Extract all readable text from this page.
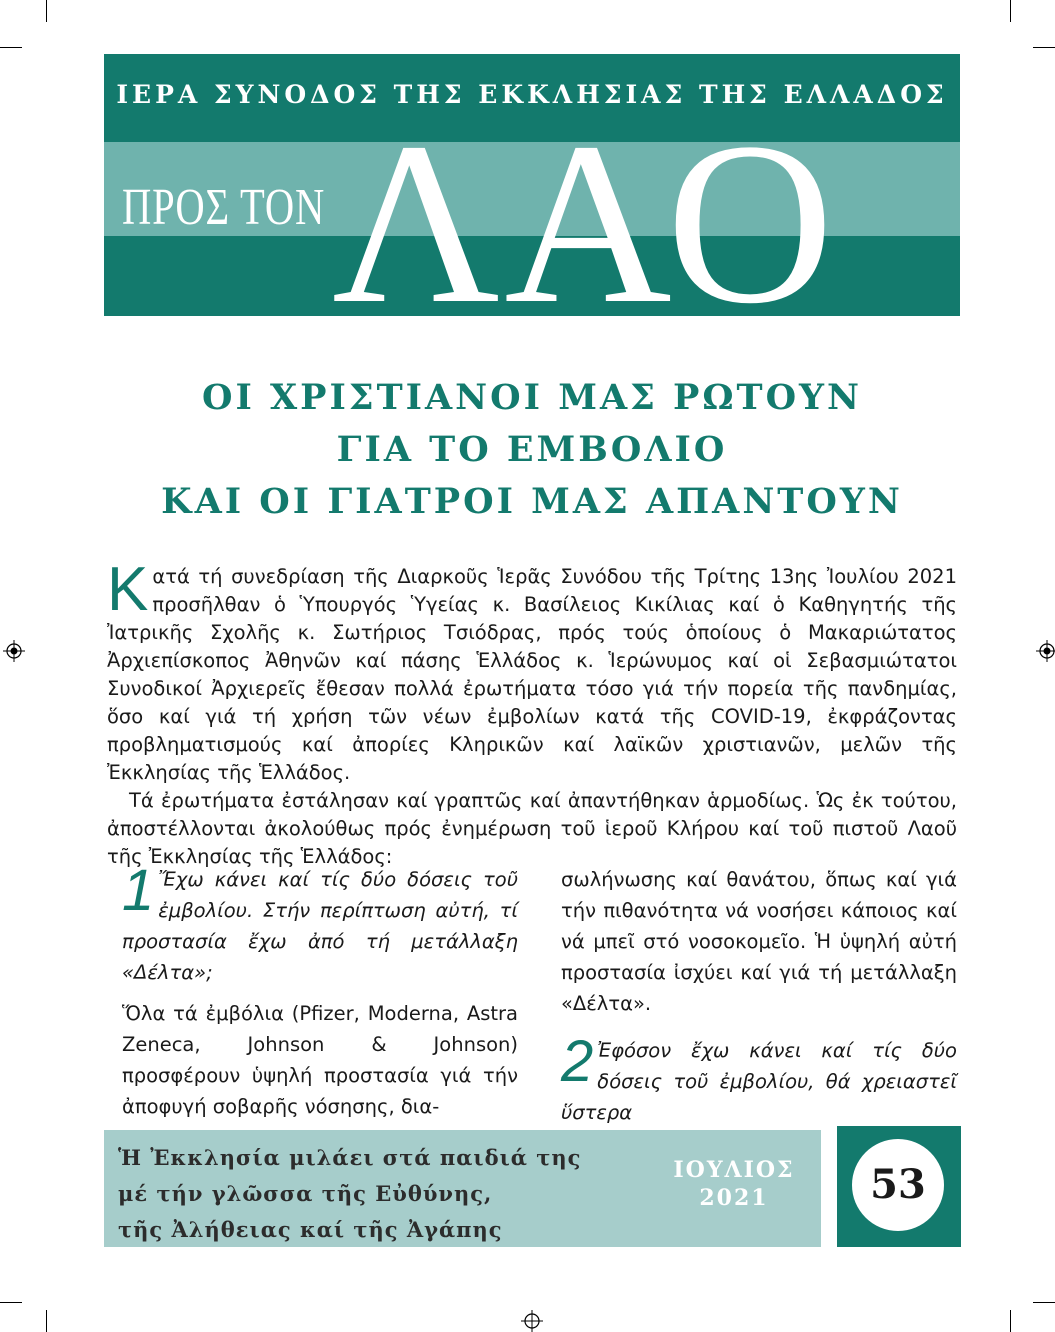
ΙΕΡΑ ΣΥΝΟΔΟΣ ΤΗΣ ΕΚΚΛΗΣΙΑΣ ΤΗΣ ΕΛΛΑΔΟΣ
ΠΡΟΣ ΤΟΝ ΛΑΟ
ΟΙ ΧΡΙΣΤΙΑΝΟΙ ΜΑΣ ΡΩΤΟΥΝ
ΓΙΑ ΤΟ ΕΜΒΟΛΙΟ
ΚΑΙ ΟΙ ΓΙΑΤΡΟΙ ΜΑΣ ΑΠΑΝΤΟΥΝ

Κατά τή συνεδρίαση τῆς Διαρκοῦς Ἱερᾶς Συνόδου τῆς Τρίτης 13ης Ἰουλίου 2021 προσῆλθαν ὁ Ὑπουργός Ὑγείας κ. Βασίλειος Κικίλιας καί ὁ Καθηγητής τῆς Ἰατρικῆς Σχολῆς κ. Σωτήριος Τσιόδρας, πρός τούς ὁποίους ὁ Μακαριώτατος Ἀρχιεπίσκοπος Ἀθηνῶν καί πάσης Ἑλλάδος κ. Ἱερώνυμος καί οἱ Σεβασμιώτατοι Συνοδικοί Ἀρχιερεῖς ἔθεσαν πολλά ἐρωτήματα τόσο γιά τήν πορεία τῆς πανδημίας, ὅσο καί γιά τή χρήση τῶν νέων ἐμβολίων κατά τῆς COVID-19, ἐκφράζοντας προβληματισμούς καί ἀπορίες Κληρικῶν καί λαϊκῶν χριστιανῶν, μελῶν τῆς Ἐκκλησίας τῆς Ἑλλάδος.

Τά ἐρωτήματα ἐστάλησαν καί γραπτῶς καί ἀπαντήθηκαν ἁρμοδίως. Ὡς ἐκ τούτου, ἀποστέλλονται ἀκολούθως πρός ἐνημέρωση τοῦ ἱεροῦ Κλήρου καί τοῦ πιστοῦ Λαοῦ τῆς Ἐκκλησίας τῆς Ἑλλάδος:

1 Ἔχω κάνει καί τίς δύο δόσεις τοῦ ἐμβολίου. Στήν περίπτωση αὐτή, τί προστασία ἔχω ἀπό τή μετάλλαξη «Δέλτα»;

Ὅλα τά ἐμβόλια (Pfizer, Moderna, Astra Zeneca, Johnson & Johnson) προσφέρουν ὑψηλή προστασία γιά τήν ἀποφυγή σοβαρῆς νόσησης, δια-

σωλήνωσης καί θανάτου, ὅπως καί γιά τήν πιθανότητα νά νοσήσει κάποιος καί νά μπεῖ στό νοσοκομεῖο. Ἡ ὑψηλή αὐτή προστασία ἰσχύει καί γιά τή μετάλλαξη «Δέλτα».

2 Ἐφόσον ἔχω κάνει καί τίς δύο δόσεις τοῦ ἐμβολίου, θά χρειαστεῖ ὕστερα

Ἡ Ἐκκλησία μιλάει στά παιδιά της
μέ τήν γλῶσσα τῆς Εὐθύνης,
τῆς Ἀλήθειας καί τῆς Ἀγάπης
ΙΟΥΛΙΟΣ
2021	53
